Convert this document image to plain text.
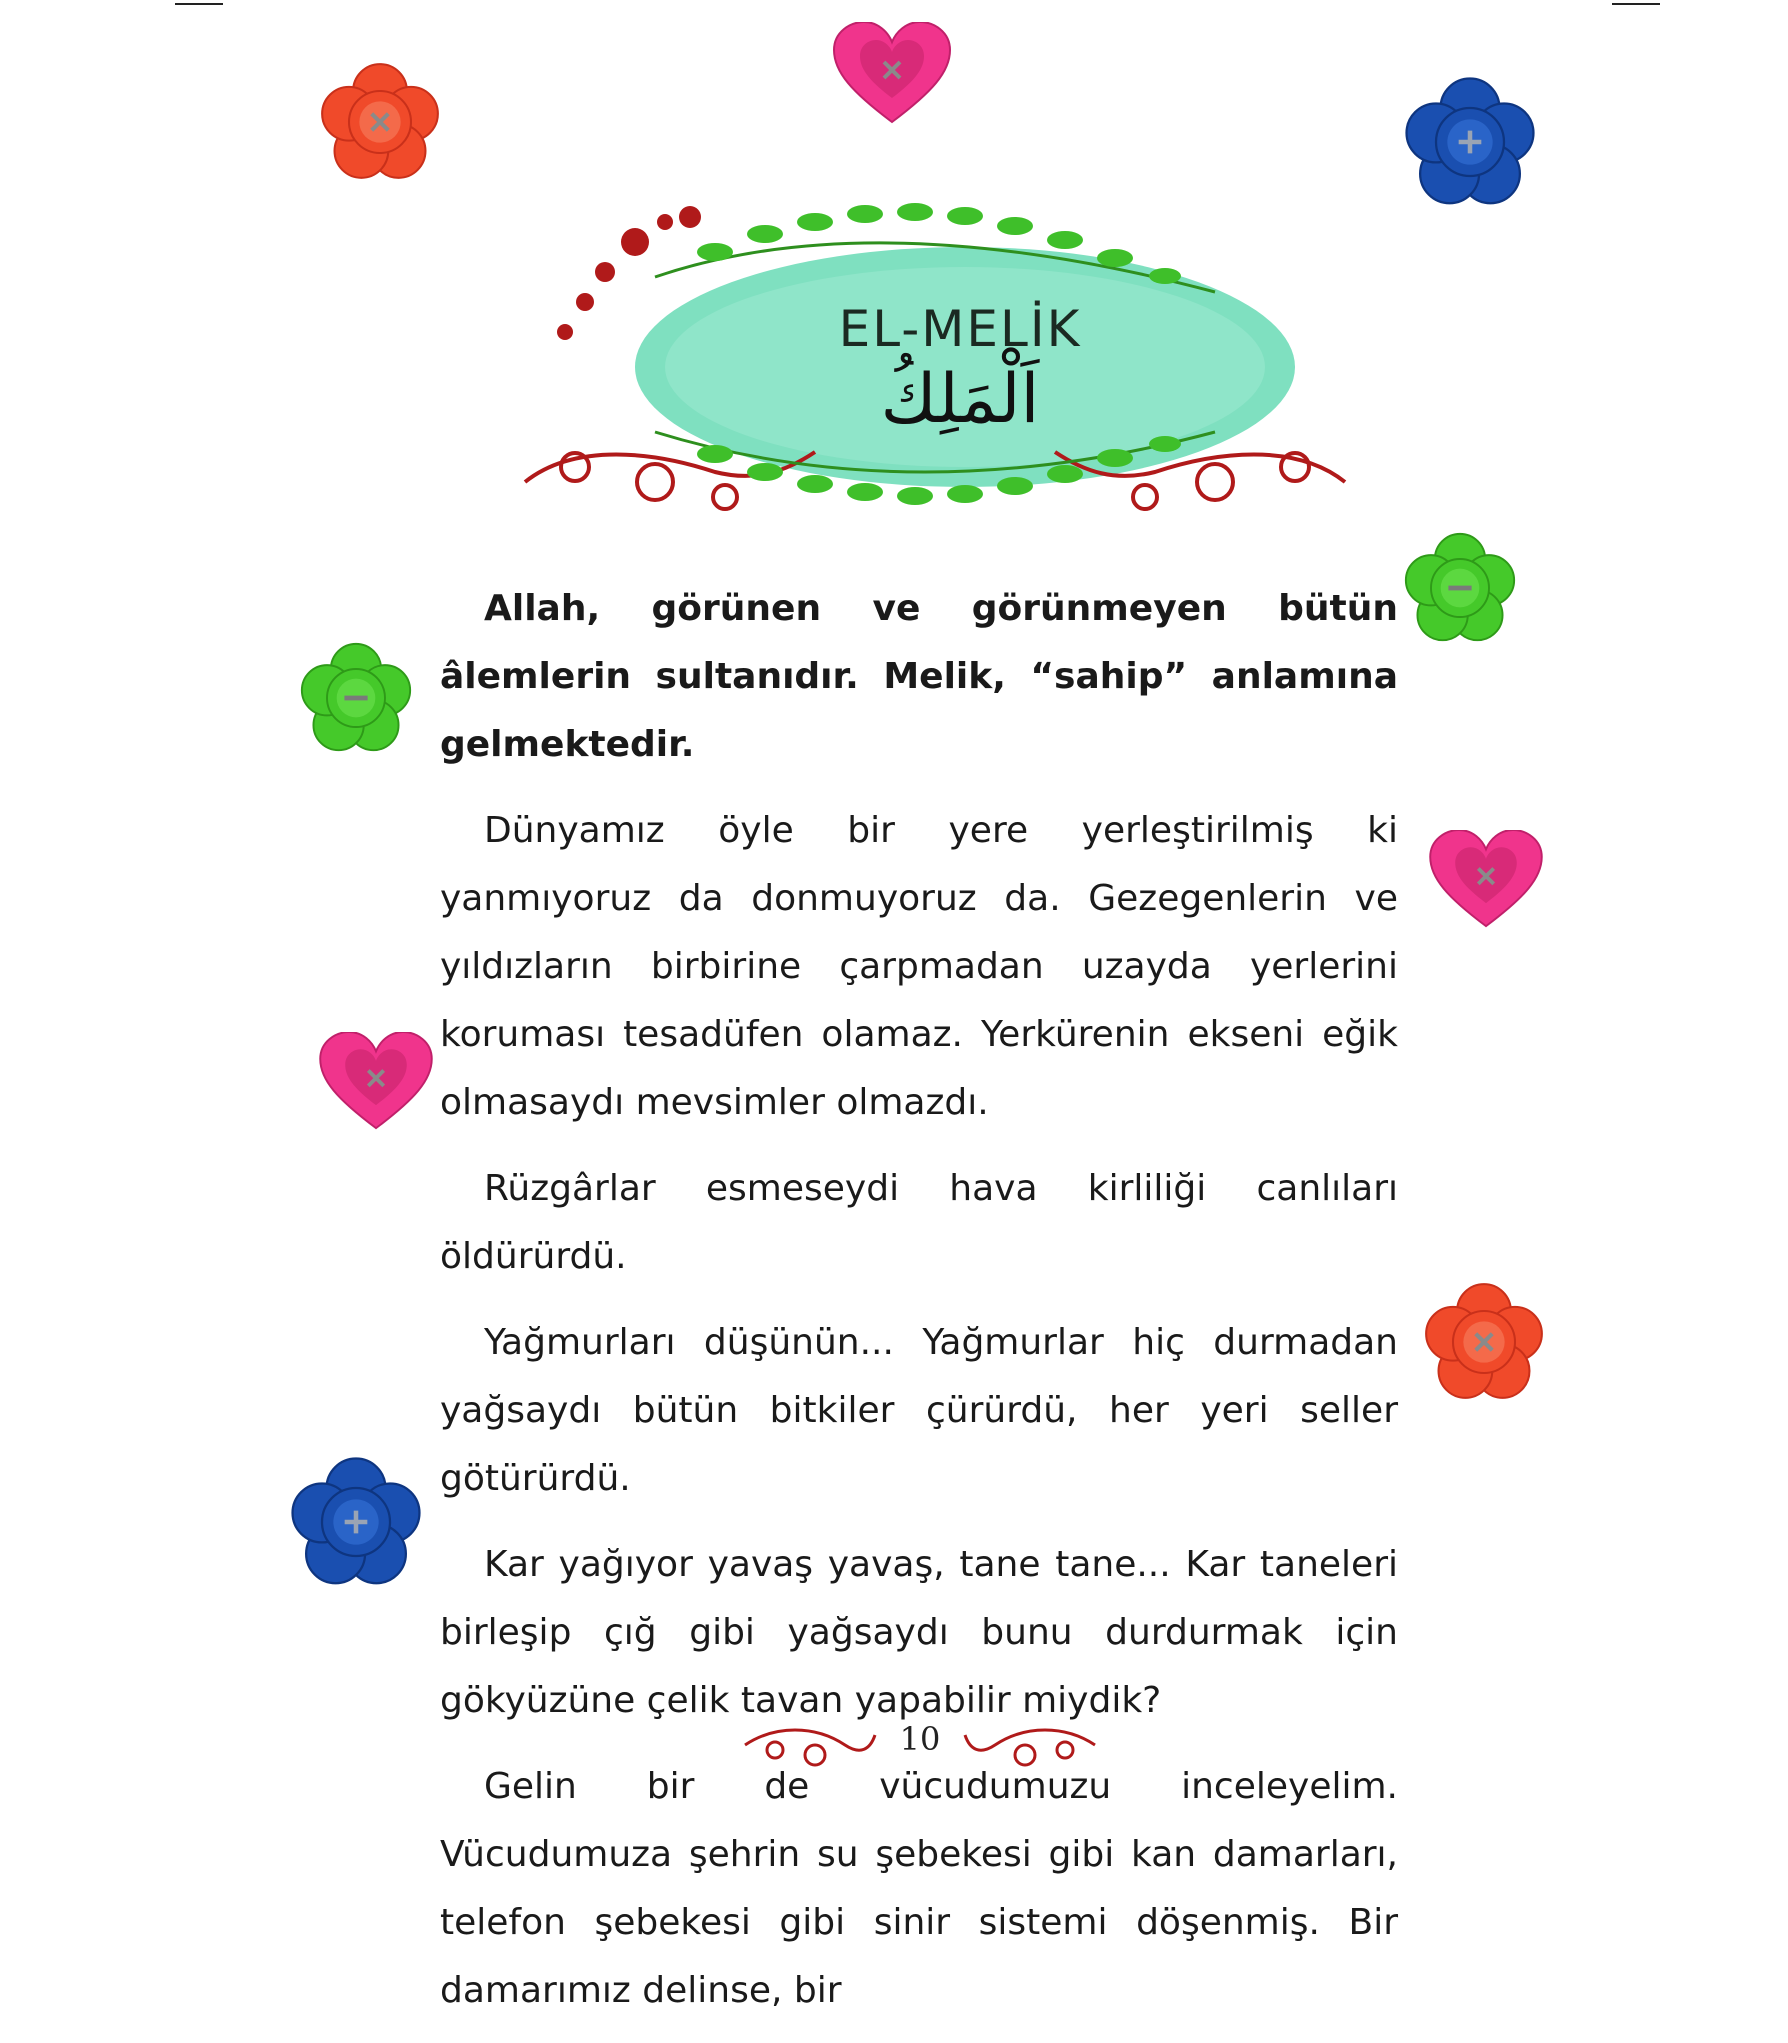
EL-MELİK
اَلْمَلِكُ

Allah, görünen ve görünmeyen bütün âlemlerin sultanıdır. Melik, “sahip” anlamına gelmektedir.

Dünyamız öyle bir yere yerleştirilmiş ki yanmıyoruz da donmuyoruz da. Gezegenlerin ve yıldızların birbirine çarpmadan uzayda yerlerini koruması tesadüfen olamaz. Yerkürenin ekseni eğik olmasaydı mevsimler olmazdı.

Rüzgârlar esmeseydi hava kirliliği canlıları öldürürdü.

Yağmurları düşünün... Yağmurlar hiç durmadan yağsaydı bütün bitkiler çürürdü, her yeri seller götürürdü.

Kar yağıyor yavaş yavaş, tane tane... Kar taneleri birleşip çığ gibi yağsaydı bunu durdurmak için gökyüzüne çelik tavan yapabilir miydik?

Gelin bir de vücudumuzu inceleyelim. Vücudumuza şehrin su şebekesi gibi kan damarları, telefon şebekesi gibi sinir sistemi döşenmiş. Bir damarımız delinse, bir

10
